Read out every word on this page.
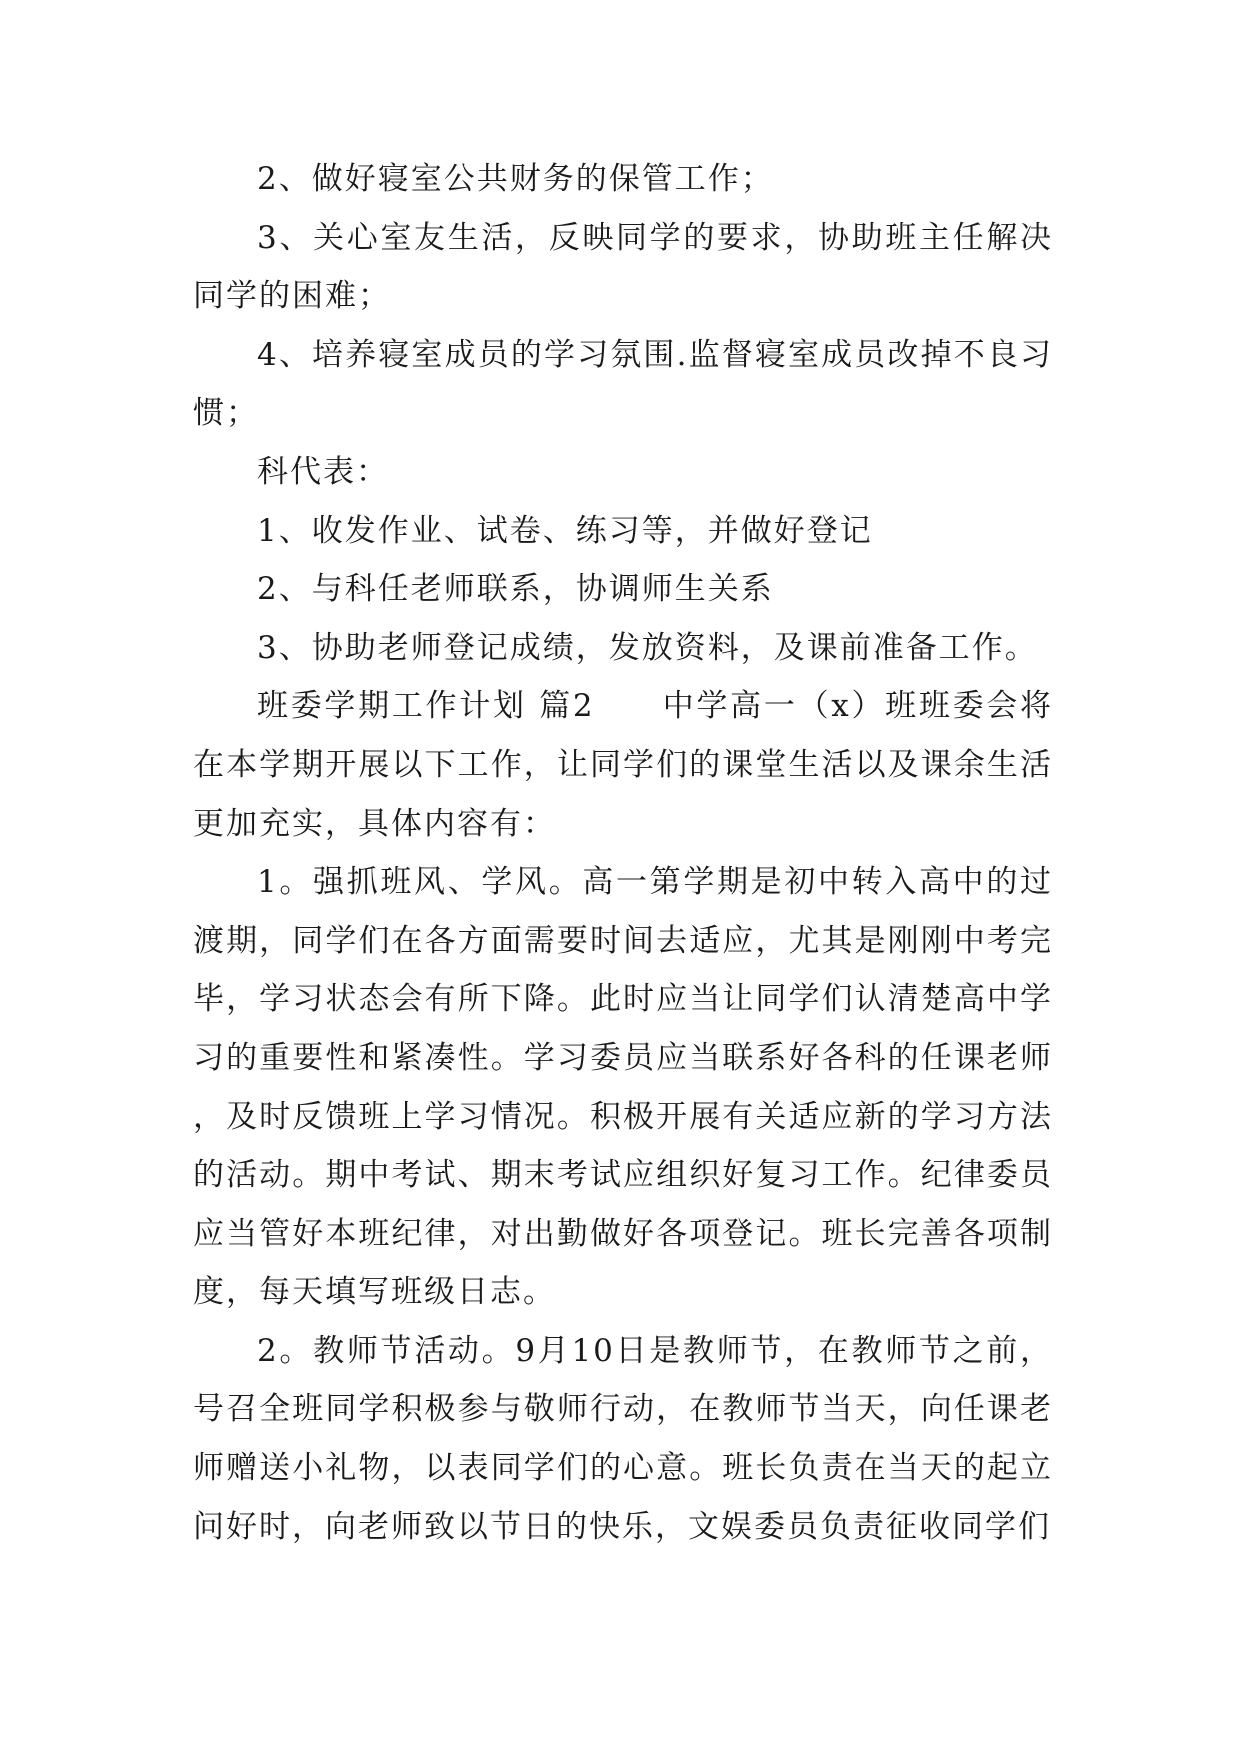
2、做好寝室公共财务的保管工作；

3、关心室友生活，反映同学的要求，协助班主任解决同学的困难；

4、培养寝室成员的学习氛围.监督寝室成员改掉不良习惯；

科代表：

1、收发作业、试卷、练习等，并做好登记

2、与科任老师联系，协调师生关系

3、协助老师登记成绩，发放资料，及课前准备工作。

班委学期工作计划 篇2　　中学高一（x）班班委会将在本学期开展以下工作，让同学们的课堂生活以及课余生活更加充实，具体内容有：

1。强抓班风、学风。高一第学期是初中转入高中的过渡期，同学们在各方面需要时间去适应，尤其是刚刚中考完毕，学习状态会有所下降。此时应当让同学们认清楚高中学习的重要性和紧凑性。学习委员应当联系好各科的任课老师，及时反馈班上学习情况。积极开展有关适应新的学习方法的活动。期中考试、期末考试应组织好复习工作。纪律委员应当管好本班纪律，对出勤做好各项登记。班长完善各项制度，每天填写班级日志。

2。教师节活动。9月10日是教师节，在教师节之前，号召全班同学积极参与敬师行动，在教师节当天，向任课老师赠送小礼物，以表同学们的心意。班长负责在当天的起立问好时，向老师致以节日的快乐，文娱委员负责征收同学们
